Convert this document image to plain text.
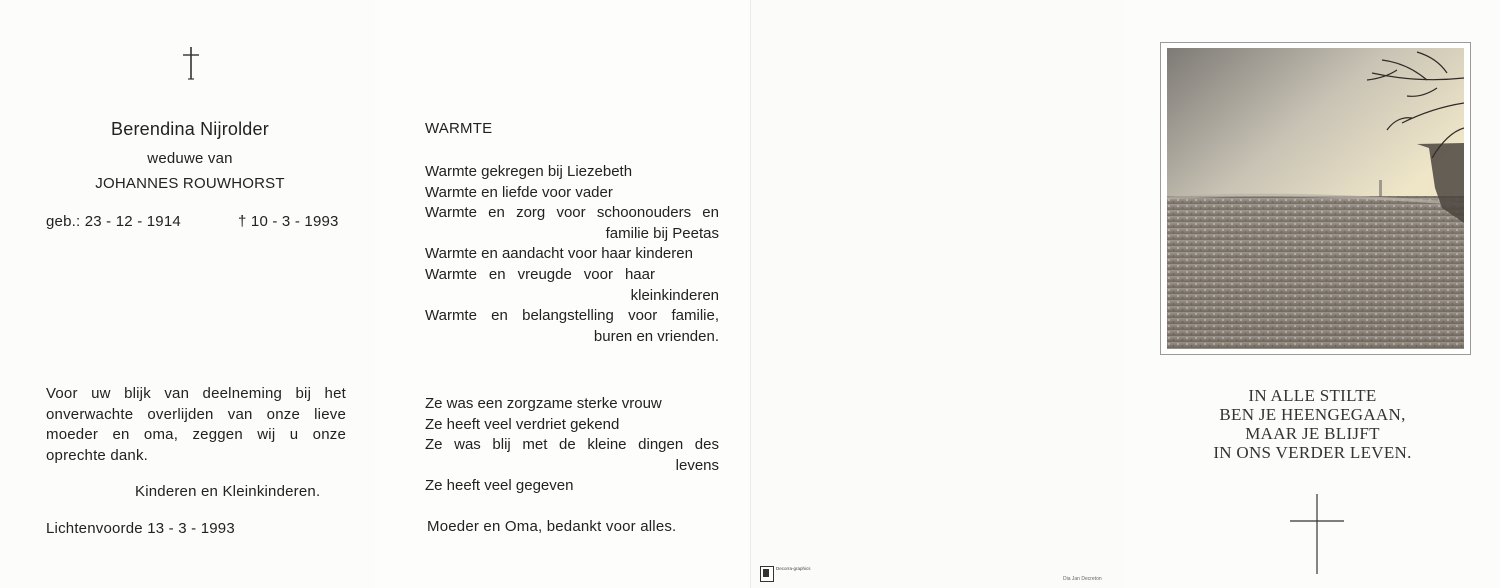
Berendina Nijrolder
weduwe van
JOHANNES ROUWHORST
geb.: 23 - 12 - 1914	† 10 - 3 - 1993
Voor uw blijk van deelneming bij het
onverwachte overlijden van onze lieve
moeder en oma, zeggen wij u onze
oprechte dank.
Kinderen en Kleinkinderen.
Lichtenvoorde 13 - 3 - 1993
WARMTE
Warmte gekregen bij Liezebeth
Warmte en liefde voor vader
Warmte en zorg voor schoonouders en
familie bij Peetas
Warmte en aandacht voor haar kinderen
Warmte en vreugde voor haar
kleinkinderen
Warmte en belangstelling voor familie,
buren en vrienden.
Ze was een zorgzame sterke vrouw
Ze heeft veel verdriet gekend
Ze was blij met de kleine dingen des
levens
Ze heeft veel gegeven
Moeder en Oma, bedankt voor alles.
IN ALLE STILTE
BEN JE HEENGEGAAN,
MAAR JE BLIJFT
IN ONS VERDER LEVEN.
Decorra-graphics
Dia Jan Decreton
